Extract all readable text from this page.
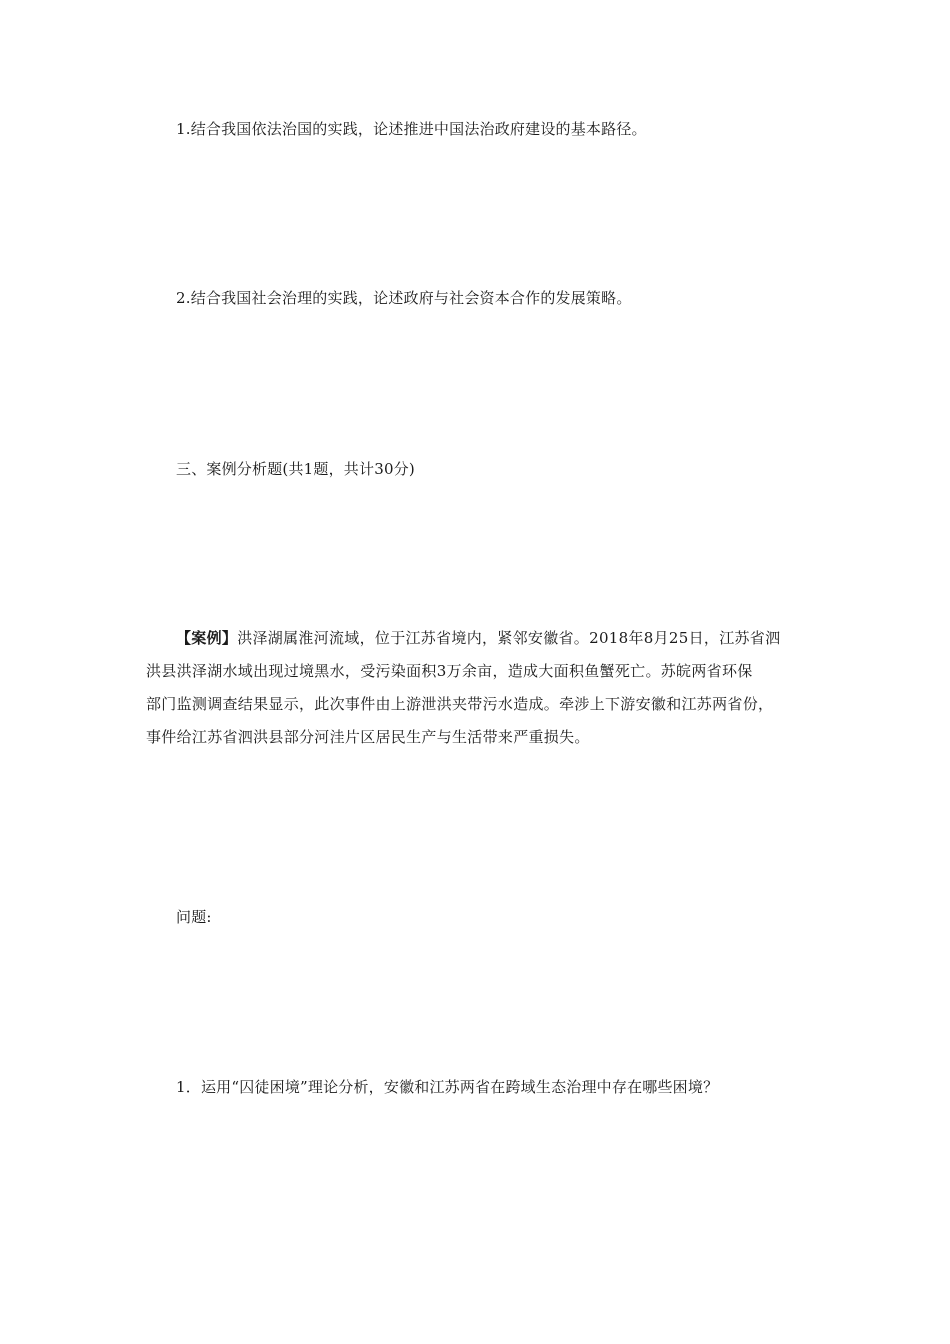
1.结合我国依法治国的实践，论述推进中国法治政府建设的基本路径。
2.结合我国社会治理的实践，论述政府与社会资本合作的发展策略。
三、案例分析题(共1题，共计30分)
【案例】洪泽湖属淮河流域，位于江苏省境内，紧邻安徽省。2018年8月25日，江苏省泗
洪县洪泽湖水域出现过境黑水，受污染面积3万余亩，造成大面积鱼蟹死亡。苏皖两省环保
部门监测调查结果显示，此次事件由上游泄洪夹带污水造成。牵涉上下游安徽和江苏两省份，
事件给江苏省泗洪县部分河洼片区居民生产与生活带来严重损失。
问题:
1．运用“囚徒困境”理论分析，安徽和江苏两省在跨域生态治理中存在哪些困境？
